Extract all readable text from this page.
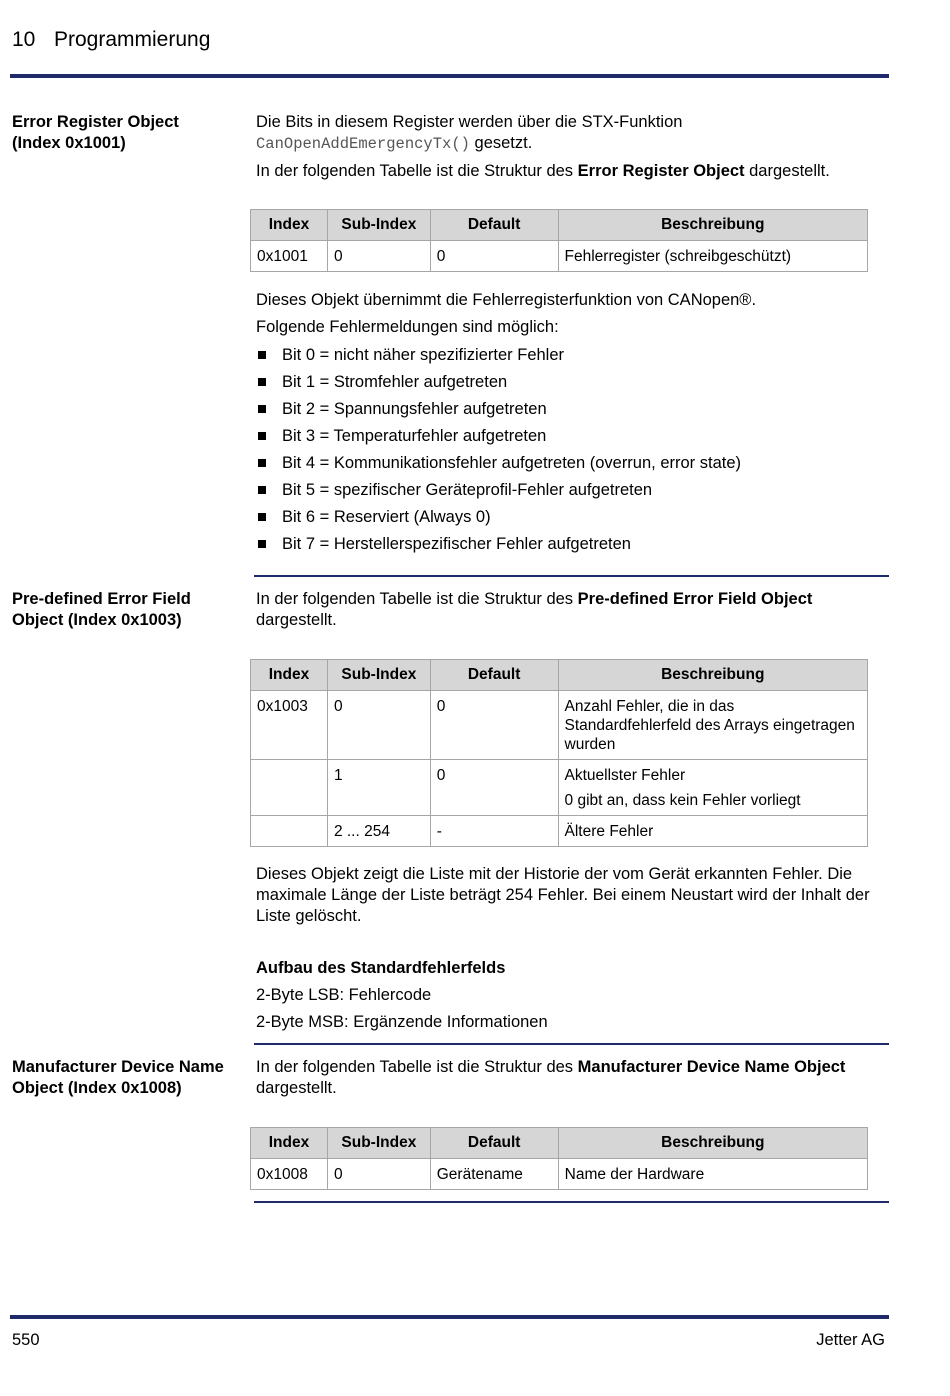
10 Programmierung
Error Register Object (Index 0x1001)
Die Bits in diesem Register werden über die STX-Funktion
CanOpenAddEmergencyTx() gesetzt.
In der folgenden Tabelle ist die Struktur des Error Register Object dargestellt.
Index	Sub-Index	Default	Beschreibung
0x1001	0	0	Fehlerregister (schreibgeschützt)
Dieses Objekt übernimmt die Fehlerregisterfunktion von CANopen®.
Folgende Fehlermeldungen sind möglich:
Bit 0 = nicht näher spezifizierter Fehler
Bit 1 = Stromfehler aufgetreten
Bit 2 = Spannungsfehler aufgetreten
Bit 3 = Temperaturfehler aufgetreten
Bit 4 = Kommunikationsfehler aufgetreten (overrun, error state)
Bit 5 = spezifischer Geräteprofil-Fehler aufgetreten
Bit 6 = Reserviert (Always 0)
Bit 7 = Herstellerspezifischer Fehler aufgetreten
Pre-defined Error Field Object (Index 0x1003)
In der folgenden Tabelle ist die Struktur des Pre-defined Error Field Object dargestellt.
Index	Sub-Index	Default	Beschreibung
0x1003	0	0	Anzahl Fehler, die in das Standardfehlerfeld des Arrays eingetragen wurden
	1	0	Aktuellster Fehler
0 gibt an, dass kein Fehler vorliegt

	2 ... 254	-	Ältere Fehler
Dieses Objekt zeigt die Liste mit der Historie der vom Gerät erkannten Fehler. Die maximale Länge der Liste beträgt 254 Fehler. Bei einem Neustart wird der Inhalt der Liste gelöscht.
Aufbau des Standardfehlerfelds
2-Byte LSB: Fehlercode
2-Byte MSB: Ergänzende Informationen
Manufacturer Device Name Object (Index 0x1008)
In der folgenden Tabelle ist die Struktur des Manufacturer Device Name Object dargestellt.
Index	Sub-Index	Default	Beschreibung
0x1008	0	Gerätename	Name der Hardware
550	Jetter AG
